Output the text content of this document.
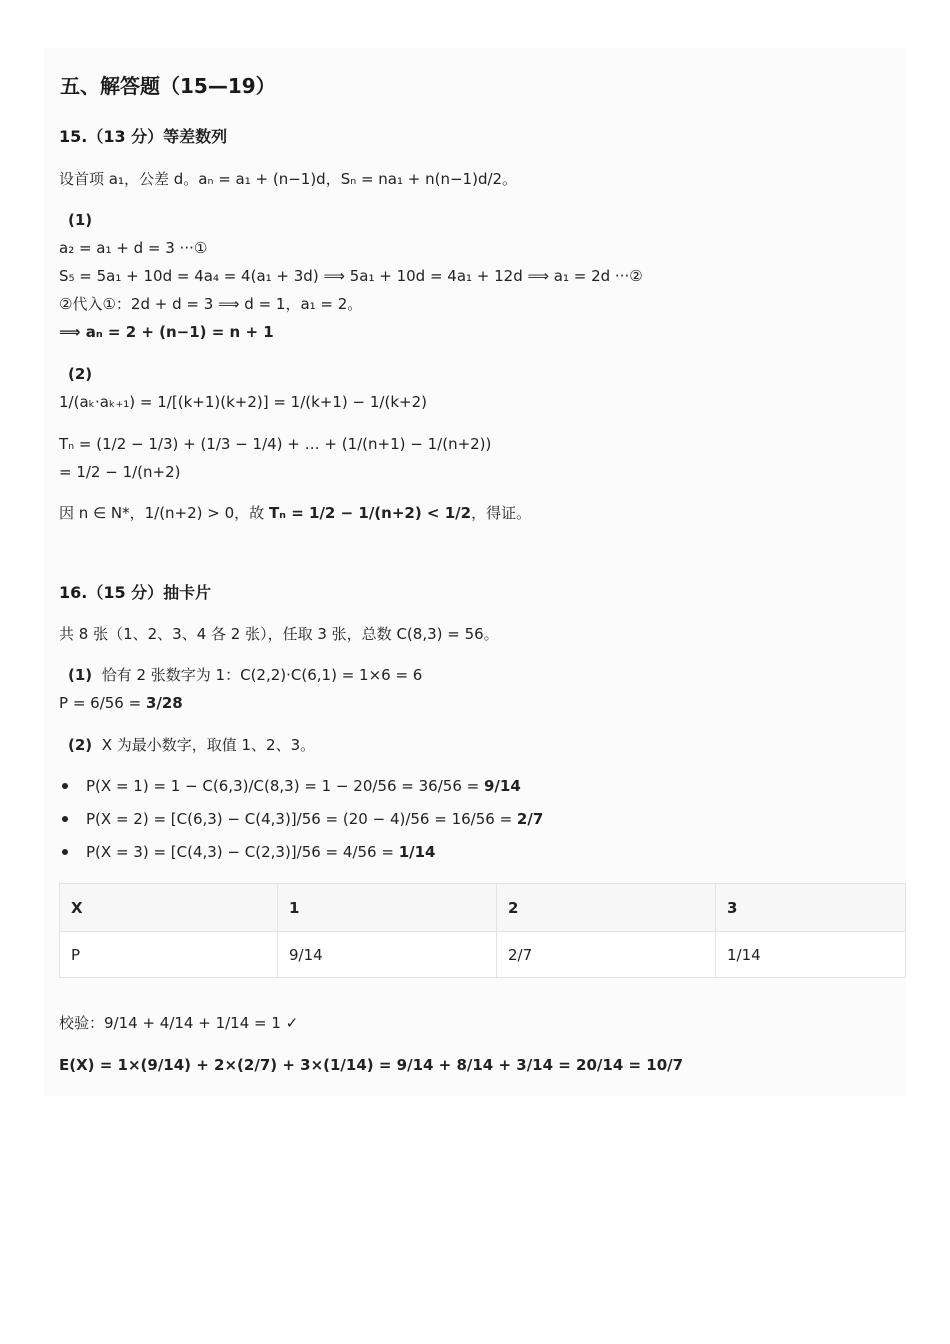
五、解答题（15—19）
15.（13 分）等差数列

设首项 a₁，公差 d。aₙ = a₁ + (n−1)d，Sₙ = na₁ + n(n−1)d/2。

(1)

a₂ = a₁ + d = 3 ···①

S₅ = 5a₁ + 10d = 4a₄ = 4(a₁ + 3d) ⟹ 5a₁ + 10d = 4a₁ + 12d ⟹ a₁ = 2d ···②

②代入①：2d + d = 3 ⟹ d = 1，a₁ = 2。

⟹ aₙ = 2 + (n−1) = n + 1

(2)

1/(aₖ·aₖ₊₁) = 1/[(k+1)(k+2)] = 1/(k+1) − 1/(k+2)

Tₙ = (1/2 − 1/3) + (1/3 − 1/4) + … + (1/(n+1) − 1/(n+2))

= 1/2 − 1/(n+2)

因 n ∈ N*，1/(n+2) > 0，故 Tₙ = 1/2 − 1/(n+2) < 1/2，得证。

16.（15 分）抽卡片

共 8 张（1、2、3、4 各 2 张），任取 3 张，总数 C(8,3) = 56。

(1) 恰有 2 张数字为 1：C(2,2)·C(6,1) = 1×6 = 6

P = 6/56 = 3/28

(2) X 为最小数字，取值 1、2、3。

P(X = 1) = 1 − C(6,3)/C(8,3) = 1 − 20/56 = 36/56 = 9/14

P(X = 2) = [C(6,3) − C(4,3)]/56 = (20 − 4)/56 = 16/56 = 2/7

P(X = 3) = [C(4,3) − C(2,3)]/56 = 4/56 = 1/14

X	1	2	3
P	9/14	2/7	1/14

校验：9/14 + 4/14 + 1/14 = 1 ✓

E(X) = 1×(9/14) + 2×(2/7) + 3×(1/14) = 9/14 + 8/14 + 3/14 = 20/14 = 10/7
